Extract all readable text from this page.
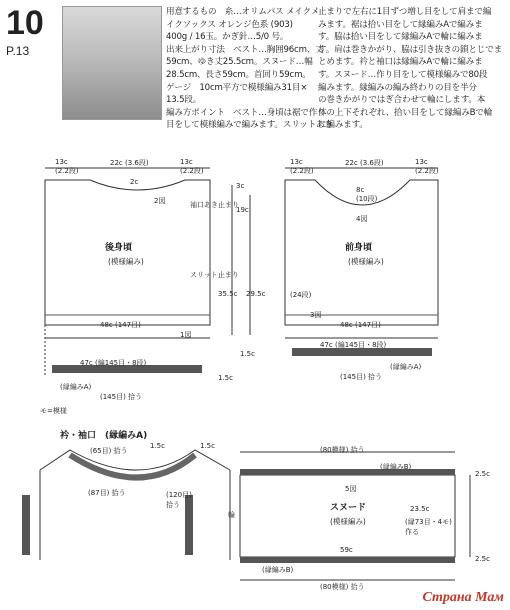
10
P.13
用意するもの　糸…オリムパス メイクメ
イクソックス オレンジ色系 (903)
400g / 16玉。かぎ針…5/0 号。
出来上がり寸法　ベスト…胸囲96cm、丈
59cm、ゆき丈25.5cm。スヌード…幅
28.5cm、長さ59cm。首回り59cm。
ゲージ　10cm平方で模様編み31目×
13.5段。
編み方ポイント　ベスト…身頃は裾で作り
目をして模様編みで編みます。スリットあき
止まりで左右に1目ずつ増し目をして肩まで編
みます。裾は拾い目をして縁編みAで編みま
す。脇は拾い目をして縁編みAで輪に編みま
す。肩は巻きかがり、脇は引き抜きの鎖とじでま
とめます。衿と袖口は縁編みAで輪に編みま
す。スヌード…作り目をして模様編みで80段
編みます。縁編みの編み終わりの目を半分
の巻きかがりではぎ合わせて輪にします。本
体の上下それぞれ、拾い目をして縁編みBで輪
に編みます。
13c
(2.2段)
22c (3.6段)	13c
(2.2段)
2c
2図
後身頃
(模様編み)
スリット止まり
袖口あき止まり
48c (147目)
1図
47c (編145目・8段)
(縁編みA)
(145目) 拾う
35.5c 29.5c
19c
3c
1.5c
1.5c
モ=模様
13c
(2.2段)
22c (3.6段)	13c
(2.2段)
8c
(10段)
4図
前身頃
(模様編み)
3図
48c (147目)
47c (編145目・8段)
(縁編みA)
(145目) 拾う
(24段)
衿・袖口　(縁編みA)
(65目) 拾う
(87目) 拾う	(120目)
拾う
1.5c	1.5c	(80模様) 拾う
(縁編みB)
5図
スヌード
(模様編み)
23.5c
(縁73目・4モ)
作る
59c
(縁編みB)
(80模様) 拾う
2.5c
2.5c
輪
Страна Мам
